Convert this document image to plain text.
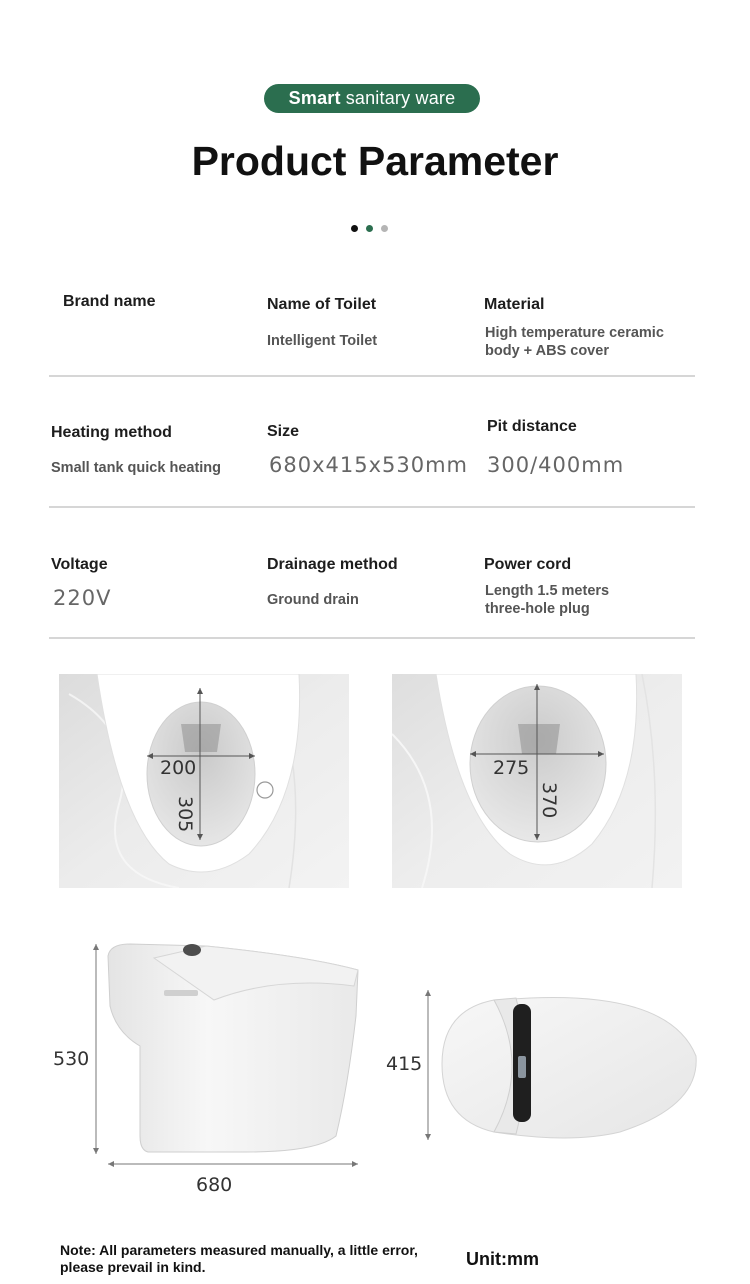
Smart sanitary ware
Product Parameter
Brand name	Name of Toilet
Intelligent Toilet
Material
High temperature ceramic
body + ABS cover
Heating method
Small tank quick heating
Size
680x415x530mm
Pit distance
300/400mm
Voltage
220V
Drainage method
Ground drain
Power cord
Length 1.5 meters
three-hole plug
200
305
275
370
530
680
415
Note: All parameters measured manually, a little error,
please prevail in kind.	Unit:mm
